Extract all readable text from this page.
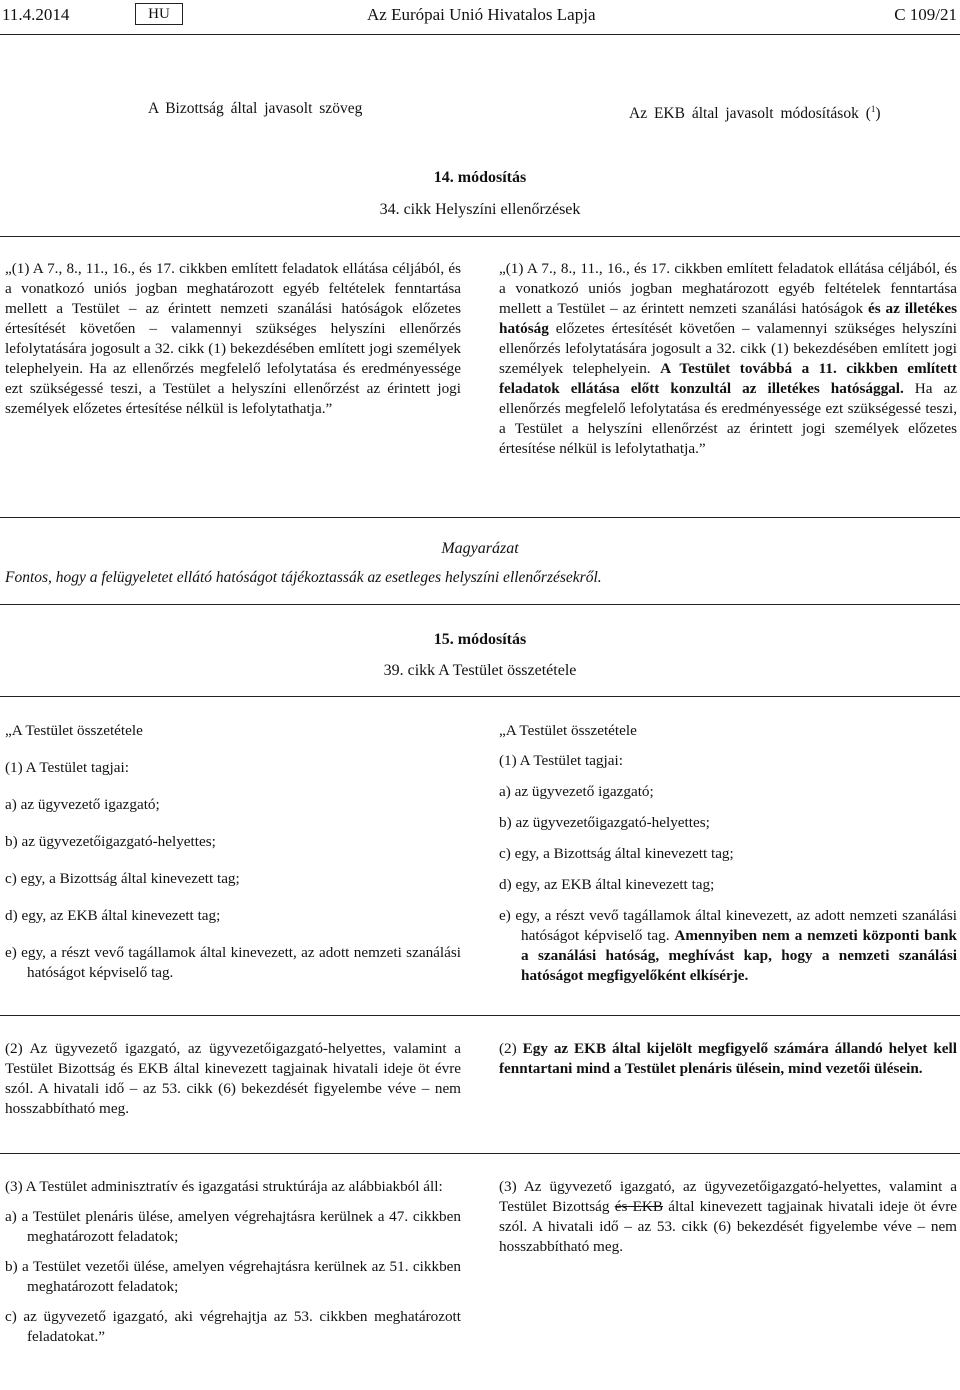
11.4.2014	HU	Az Európai Unió Hivatalos Lapja	C 109/21
A Bizottság által javasolt szöveg	Az EKB által javasolt módosítások ($^1$)
14. módosítás
34. cikk Helyszíni ellenőrzések
„(1) A 7., 8., 11., 16., és 17. cikkben említett feladatok ellátása céljából, és a vonatkozó uniós jogban meghatározott egyéb feltételek fenntartása mellett a Testület – az érintett nemzeti szanálási hatóságok előzetes értesítését követően – valamennyi szükséges helyszíni ellenőrzés lefolytatására jogosult a 32. cikk (1) bekezdésében említett jogi személyek telephelyein. Ha az ellenőrzés megfelelő lefolytatása és eredményessége ezt szükségessé teszi, a Testület a helyszíni ellenőrzést az érintett jogi személyek előzetes értesítése nélkül is lefolytathatja.”
„(1) A 7., 8., 11., 16., és 17. cikkben említett feladatok ellátása céljából, és a vonatkozó uniós jogban meghatározott egyéb feltételek fenntartása mellett a Testület – az érintett nemzeti szanálási hatóságok és az illetékes hatóság előzetes értesítését követően – valamennyi szükséges helyszíni ellenőrzés lefolytatására jogosult a 32. cikk (1) bekezdésében említett jogi személyek telephelyein. A Testület továbbá a 11. cikkben említett feladatok ellátása előtt konzultál az illetékes hatósággal. Ha az ellenőrzés megfelelő lefolytatása és eredményessége ezt szükségessé teszi, a Testület a helyszíni ellenőrzést az érintett jogi személyek előzetes értesítése nélkül is lefolytathatja.”
Magyarázat
Fontos, hogy a felügyeletet ellátó hatóságot tájékoztassák az esetleges helyszíni ellenőrzésekről.
15. módosítás
39. cikk A Testület összetétele

„A Testület összetétele

(1) A Testület tagjai:

a) az ügyvezető igazgató;

b) az ügyvezetőigazgató-helyettes;

c) egy, a Bizottság által kinevezett tag;

d) egy, az EKB által kinevezett tag;

e) egy, a részt vevő tagállamok által kinevezett, az adott nemzeti szanálási hatóságot képviselő tag.

„A Testület összetétele

(1) A Testület tagjai:

a) az ügyvezető igazgató;

b) az ügyvezetőigazgató-helyettes;

c) egy, a Bizottság által kinevezett tag;

d) egy, az EKB által kinevezett tag;

e) egy, a részt vevő tagállamok által kinevezett, az adott nemzeti szanálási hatóságot képviselő tag. Amennyiben nem a nemzeti központi bank a szanálási hatóság, meghívást kap, hogy a nemzeti szanálási hatóságot megfigyelőként elkísérje.

(2) Az ügyvezető igazgató, az ügyvezetőigazgató-helyettes, valamint a Testület Bizottság és EKB által kinevezett tagjainak hivatali ideje öt évre szól. A hivatali idő – az 53. cikk (6) bekezdését figyelembe véve – nem hosszabbítható meg.
(2) Egy az EKB által kijelölt megfigyelő számára állandó helyet kell fenntartani mind a Testület plenáris ülésein, mind vezetői ülésein.

(3) A Testület adminisztratív és igazgatási struktúrája az alábbiakból áll:

a) a Testület plenáris ülése, amelyen végrehajtásra kerülnek a 47. cikkben meghatározott feladatok;

b) a Testület vezetői ülése, amelyen végrehajtásra kerülnek az 51. cikkben meghatározott feladatok;

c) az ügyvezető igazgató, aki végrehajtja az 53. cikkben meghatározott feladatokat.”

(3) Az ügyvezető igazgató, az ügyvezetőigazgató-helyettes, valamint a Testület Bizottság és EKB által kinevezett tagjainak hivatali ideje öt évre szól. A hivatali idő – az 53. cikk (6) bekezdését figyelembe véve – nem hosszabbítható meg.
